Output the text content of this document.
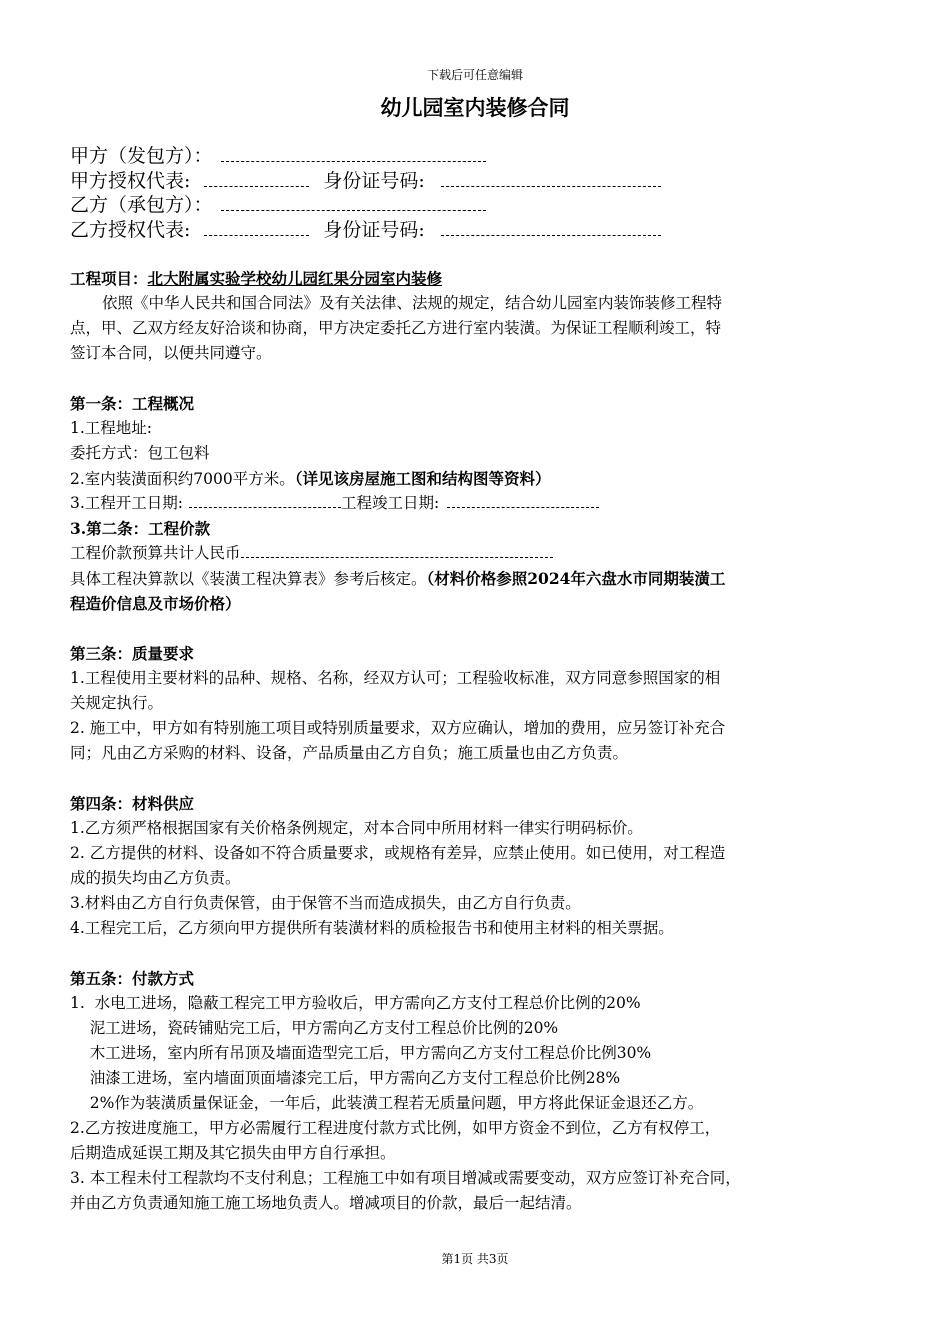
下载后可任意编辑
幼儿园室内装修合同
甲方（发包方）：
甲方授权代表:	身份证号码:
乙方（承包方）：
乙方授权代表:	身份证号码:
工程项目：北大附属实验学校幼儿园红果分园室内装修
依照《中华人民共和国合同法》及有关法律、法规的规定，结合幼儿园室内装饰装修工程特
点，甲、乙双方经友好洽谈和协商，甲方决定委托乙方进行室内装潢。为保证工程顺利竣工，特
签订本合同，以便共同遵守。
第一条：工程概况
1.工程地址:
委托方式：包工包料
2.室内装潢面积约7000平方米。（详见该房屋施工图和结构图等资料）
3.工程开工日期:	工程竣工日期:
3.第二条：工程价款
工程价款预算共计人民币
具体工程决算款以《装潢工程决算表》参考后核定。（材料价格参照2024年六盘水市同期装潢工
程造价信息及市场价格）
第三条：质量要求
1.工程使用主要材料的品种、规格、名称，经双方认可；工程验收标准，双方同意参照国家的相
关规定执行。
2. 施工中，甲方如有特别施工项目或特别质量要求，双方应确认，增加的费用，应另签订补充合
同；凡由乙方采购的材料、设备，产品质量由乙方自负；施工质量也由乙方负责。
第四条：材料供应
1.乙方须严格根据国家有关价格条例规定，对本合同中所用材料一律实行明码标价。
2. 乙方提供的材料、设备如不符合质量要求，或规格有差异，应禁止使用。如已使用，对工程造
成的损失均由乙方负责。
3.材料由乙方自行负责保管，由于保管不当而造成损失，由乙方自行负责。
4.工程完工后，乙方须向甲方提供所有装潢材料的质检报告书和使用主材料的相关票据。
第五条：付款方式
1.  水电工进场，隐蔽工程完工甲方验收后，甲方需向乙方支付工程总价比例的20%
泥工进场，瓷砖铺贴完工后，甲方需向乙方支付工程总价比例的20%
木工进场，室内所有吊顶及墙面造型完工后，甲方需向乙方支付工程总价比例30%
油漆工进场，室内墙面顶面墙漆完工后，甲方需向乙方支付工程总价比例28%
2%作为装潢质量保证金，一年后，此装潢工程若无质量问题，甲方将此保证金退还乙方。
2.乙方按进度施工，甲方必需履行工程进度付款方式比例，如甲方资金不到位，乙方有权停工，
后期造成延误工期及其它损失由甲方自行承担。
3. 本工程未付工程款均不支付利息；工程施工中如有项目增减或需要变动，双方应签订补充合同，
并由乙方负责通知施工施工场地负责人。增减项目的价款，最后一起结清。
第1页 共3页
